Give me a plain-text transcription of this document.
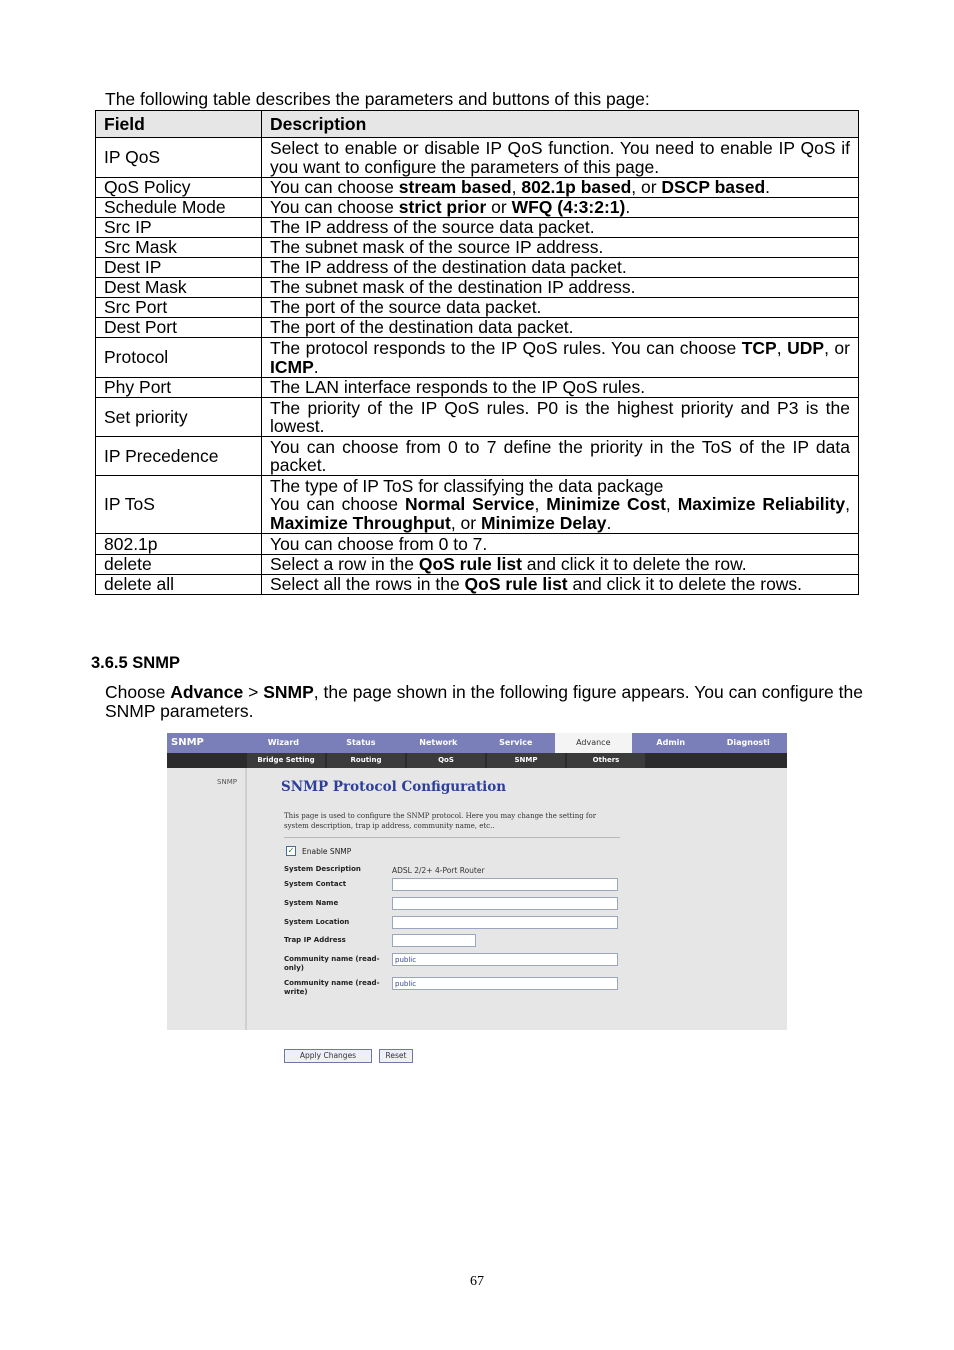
The following table describes the parameters and buttons of this page:
Field	Description
IP QoS	Select to enable or disable IP QoS function. You need to enable IP QoS if you want to configure the parameters of this page.
QoS Policy	You can choose stream based, 802.1p based, or DSCP based.
Schedule Mode	You can choose strict prior or WFQ (4:3:2:1).
Src IP	The IP address of the source data packet.
Src Mask	The subnet mask of the source IP address.
Dest IP	The IP address of the destination data packet.
Dest Mask	The subnet mask of the destination IP address.
Src Port	The port of the source data packet.
Dest Port	The port of the destination data packet.
Protocol	The protocol responds to the IP QoS rules. You can choose TCP, UDP, or ICMP.
Phy Port	The LAN interface responds to the IP QoS rules.
Set priority	The priority of the IP QoS rules. P0 is the highest priority and P3 is the lowest.
IP Precedence	You can choose from 0 to 7 define the priority in the ToS of the IP data packet.
IP ToS	The type of IP ToS for classifying the data package
You can choose Normal Service, Minimize Cost, Maximize Reliability, Maximize Throughput, or Minimize Delay.
802.1p	You can choose from 0 to 7.
delete	Select a row in the QoS rule list and click it to delete the row.
delete all	Select all the rows in the QoS rule list and click it to delete the rows.
3.6.5 SNMP
Choose Advance > SNMP, the page shown in the following figure appears. You can configure the SNMP parameters.
SNMP	Wizard	Status	Network	Service	Advance	Admin	Diagnosti
Bridge Setting	Routing	QoS	SNMP	Others
SNMP	SNMP Protocol Configuration
This page is used to configure the SNMP protocol. Here you may change the setting for system description, trap ip address, community name, etc..
✓ Enable SNMP
System Description	ADSL 2/2+ 4-Port Router
System Contact
System Name
System Location
Trap IP Address
Community name (read-only)
public
Community name (read-write)
public
Apply Changes	Reset
67
